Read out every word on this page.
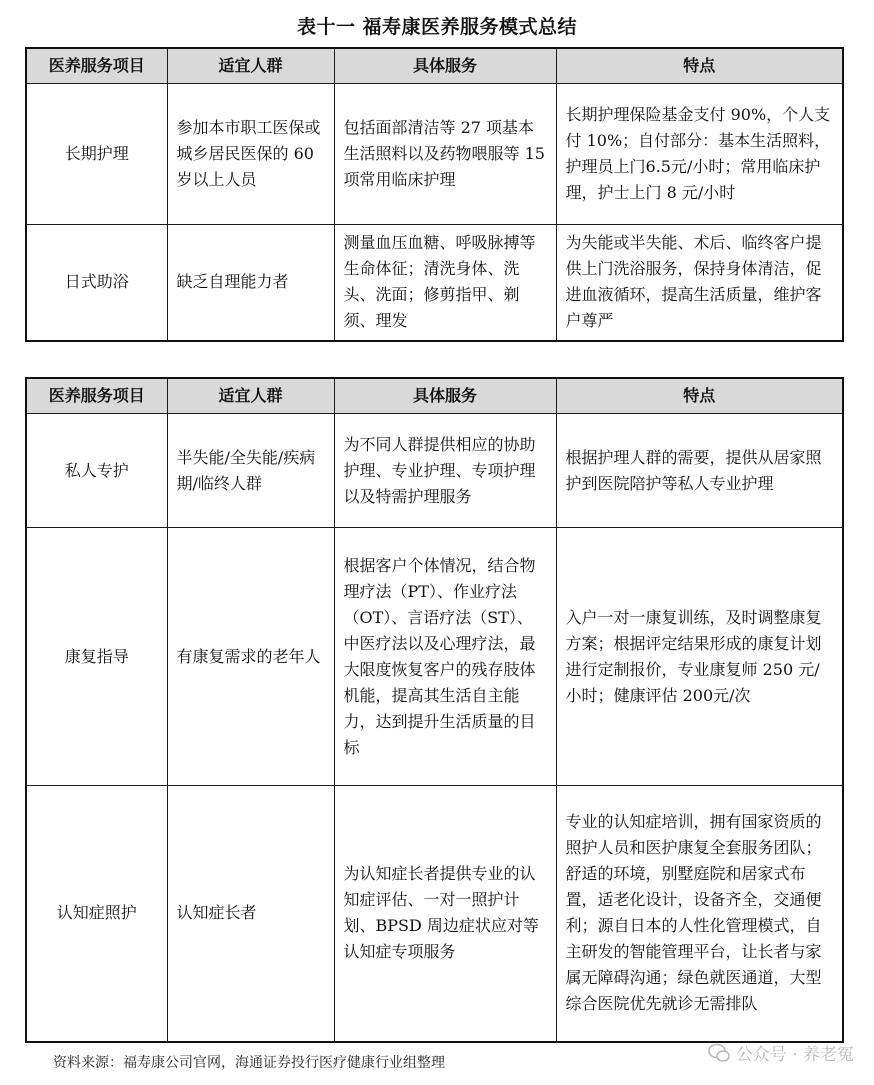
表十一 福寿康医养服务模式总结
医养服务项目	适宜人群	具体服务	特点
长期护理	参加本市职工医保或城乡居民医保的 60 岁以上人员	包括面部清洁等 27 项基本生活照料以及药物喂服等 15 项常用临床护理	长期护理保险基金支付 90%，个人支付 10%；自付部分：基本生活照料，护理员上门6.5元/小时；常用临床护理，护士上门 8 元/小时
日式助浴	缺乏自理能力者	测量血压血糖、呼吸脉搏等生命体征；清洗身体、洗头、洗面；修剪指甲、剃须、理发	为失能或半失能、术后、临终客户提供上门洗浴服务，保持身体清洁，促进血液循环，提高生活质量，维护客户尊严
医养服务项目	适宜人群	具体服务	特点
私人专护	半失能/全失能/疾病期/临终人群	为不同人群提供相应的协助护理、专业护理、专项护理以及特需护理服务	根据护理人群的需要，提供从居家照护到医院陪护等私人专业护理
康复指导	有康复需求的老年人	根据客户个体情况，结合物理疗法（PT）、作业疗法（OT）、言语疗法（ST）、中医疗法以及心理疗法，最大限度恢复客户的残存肢体机能，提高其生活自主能力，达到提升生活质量的目标	入户一对一康复训练，及时调整康复方案；根据评定结果形成的康复计划进行定制报价，专业康复师 250 元/小时；健康评估 200元/次
认知症照护	认知症长者	为认知症长者提供专业的认知症评估、一对一照护计划、BPSD 周边症状应对等认知症专项服务	专业的认知症培训，拥有国家资质的照护人员和医护康复全套服务团队；舒适的环境，别墅庭院和居家式布置，适老化设计，设备齐全，交通便利；源自日本的人性化管理模式，自主研发的智能管理平台，让长者与家属无障碍沟通；绿色就医通道，大型综合医院优先就诊无需排队
资料来源：福寿康公司官网，海通证券投行医疗健康行业组整理	公众号 · 养老冤
